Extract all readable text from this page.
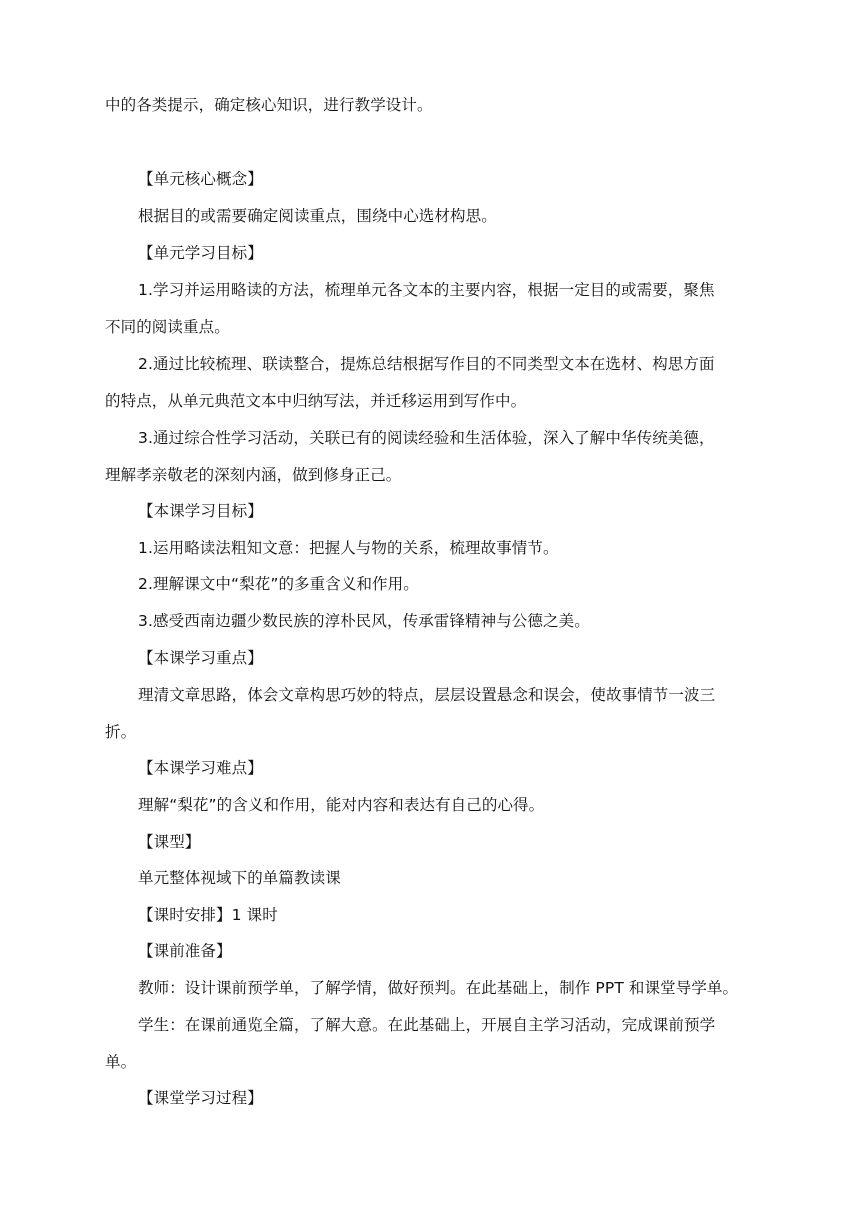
中的各类提示，确定核心知识，进行教学设计。
【单元核心概念】
根据目的或需要确定阅读重点，围绕中心选材构思。
【单元学习目标】
1.学习并运用略读的方法，梳理单元各文本的主要内容，根据一定目的或需要，聚焦
不同的阅读重点。
2.通过比较梳理、联读整合，提炼总结根据写作目的不同类型文本在选材、构思方面
的特点，从单元典范文本中归纳写法，并迁移运用到写作中。
3.通过综合性学习活动，关联已有的阅读经验和生活体验，深入了解中华传统美德，
理解孝亲敬老的深刻内涵，做到修身正己。
【本课学习目标】
1.运用略读法粗知文意：把握人与物的关系，梳理故事情节。
2.理解课文中“梨花”的多重含义和作用。
3.感受西南边疆少数民族的淳朴民风，传承雷锋精神与公德之美。
【本课学习重点】
理清文章思路，体会文章构思巧妙的特点，层层设置悬念和误会，使故事情节一波三
折。
【本课学习难点】
理解“梨花”的含义和作用，能对内容和表达有自己的心得。
【课型】
单元整体视域下的单篇教读课
【课时安排】1 课时
【课前准备】
教师：设计课前预学单，了解学情，做好预判。在此基础上，制作 PPT 和课堂导学单。
学生：在课前通览全篇，了解大意。在此基础上，开展自主学习活动，完成课前预学
单。
【课堂学习过程】
